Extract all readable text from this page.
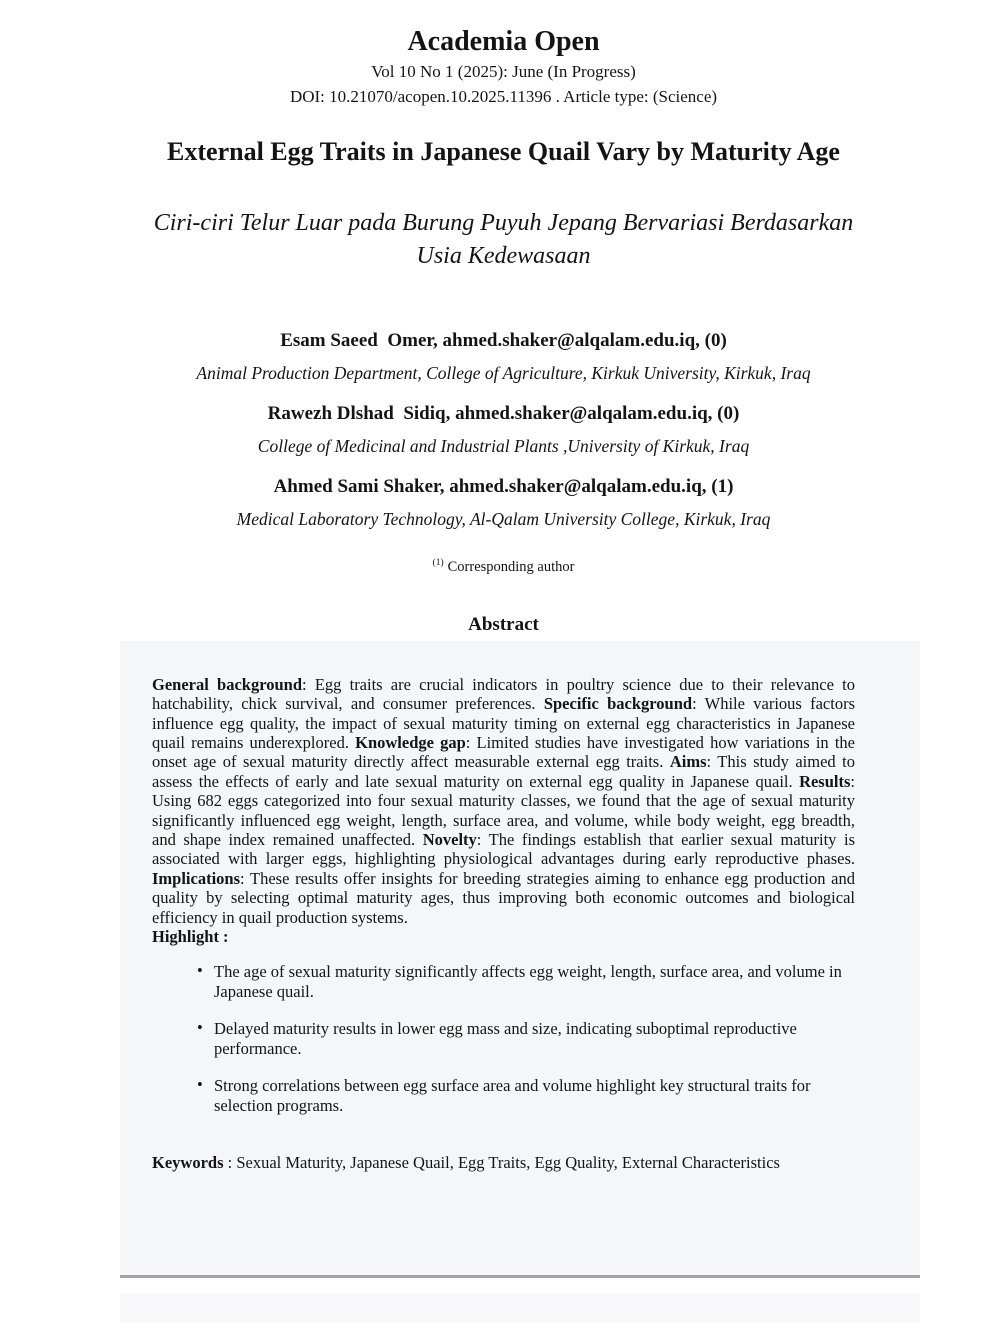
Academia Open

Vol 10 No 1 (2025): June (In Progress)

DOI: 10.21070/acopen.10.2025.11396 . Article type: (Science)

External Egg Traits in Japanese Quail Vary by Maturity Age
Ciri-ciri Telur Luar pada Burung Puyuh Jepang Bervariasi Berdasarkan Usia Kedewasaan

Esam Saeed  Omer, ahmed.shaker@alqalam.edu.iq, (0)

Animal Production Department, College of Agriculture, Kirkuk University, Kirkuk, Iraq

Rawezh Dlshad  Sidiq, ahmed.shaker@alqalam.edu.iq, (0)

College of Medicinal and Industrial Plants ,University of Kirkuk, Iraq

Ahmed Sami Shaker, ahmed.shaker@alqalam.edu.iq, (1)

Medical Laboratory Technology, Al-Qalam University College, Kirkuk, Iraq

$^{(1)}$ Corresponding author

Abstract

General background: Egg traits are crucial indicators in poultry science due to their relevance to hatchability, chick survival, and consumer preferences. Specific background: While various factors influence egg quality, the impact of sexual maturity timing on external egg characteristics in Japanese quail remains underexplored. Knowledge gap: Limited studies have investigated how variations in the onset age of sexual maturity directly affect measurable external egg traits. Aims: This study aimed to assess the effects of early and late sexual maturity on external egg quality in Japanese quail. Results: Using 682 eggs categorized into four sexual maturity classes, we found that the age of sexual maturity significantly influenced egg weight, length, surface area, and volume, while body weight, egg breadth, and shape index remained unaffected. Novelty: The findings establish that earlier sexual maturity is associated with larger eggs, highlighting physiological advantages during early reproductive phases. Implications: These results offer insights for breeding strategies aiming to enhance egg production and quality by selecting optimal maturity ages, thus improving both economic outcomes and biological efficiency in quail production systems.

Highlight :

• The age of sexual maturity significantly affects egg weight, length, surface area, and volume in Japanese quail.
• Delayed maturity results in lower egg mass and size, indicating suboptimal reproductive performance.
• Strong correlations between egg surface area and volume highlight key structural traits for selection programs.

Keywords : Sexual Maturity, Japanese Quail, Egg Traits, Egg Quality, External Characteristics
